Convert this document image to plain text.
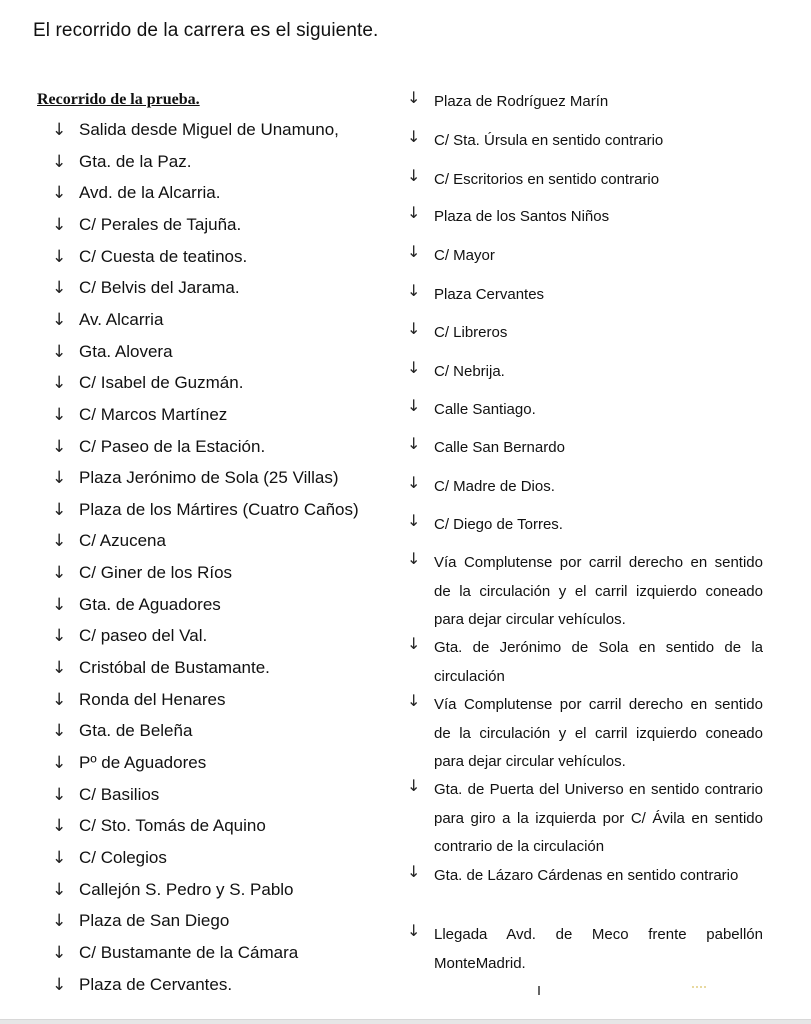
El recorrido de la carrera es el siguiente.
Recorrido de la prueba.
↓ Salida desde Miguel de Unamuno,
↓ Gta. de la Paz.
↓ Avd. de la Alcarria.
↓ C/ Perales de Tajuña.
↓ C/ Cuesta de teatinos.
↓ C/ Belvis del Jarama.
↓ Av. Alcarria
↓ Gta. Alovera
↓ C/ Isabel de Guzmán.
↓ C/ Marcos Martínez
↓ C/ Paseo de la Estación.
↓ Plaza Jerónimo de Sola (25 Villas)
↓ Plaza de los Mártires (Cuatro Caños)
↓ C/ Azucena
↓ C/ Giner de los Ríos
↓ Gta. de Aguadores
↓ C/ paseo del Val.
↓ Cristóbal de Bustamante.
↓ Ronda del Henares
↓ Gta. de Beleña
↓ Pº de Aguadores
↓ C/ Basilios
↓ C/ Sto. Tomás de Aquino
↓ C/ Colegios
↓ Callejón S. Pedro y S. Pablo
↓ Plaza de San Diego
↓ C/ Bustamante de la Cámara
↓ Plaza de Cervantes.
↓ Plaza de Rodríguez Marín
↓ C/ Sta. Úrsula en sentido contrario
↓ C/ Escritorios en sentido contrario
↓ Plaza de los Santos Niños
↓ C/ Mayor
↓ Plaza Cervantes
↓ C/ Libreros
↓ C/ Nebrija.
↓ Calle Santiago.
↓ Calle San Bernardo
↓ C/ Madre de Dios.
↓ C/ Diego de Torres.
↓ Vía Complutense por carril derecho en sentido de la circulación y el carril izquierdo coneado para dejar circular vehículos.
↓ Gta. de Jerónimo de Sola en sentido de la circulación
↓ Vía Complutense por carril derecho en sentido de la circulación y el carril izquierdo coneado para dejar circular vehículos.
↓ Gta. de Puerta del Universo en sentido contrario para giro a la izquierda por C/ Ávila en sentido contrario de la circulación
↓ Gta. de Lázaro Cárdenas en sentido contrario
↓ Llegada Avd. de Meco frente pabellón MonteMadrid.
